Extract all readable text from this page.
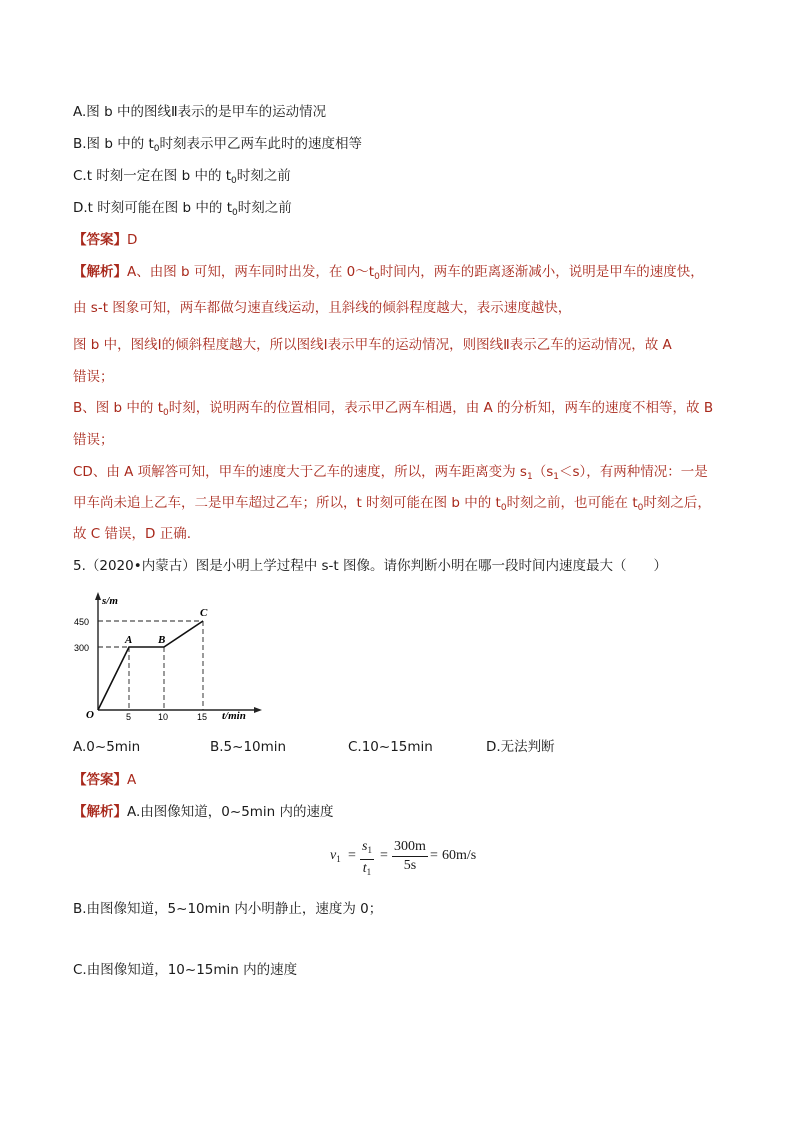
A.图 b 中的图线Ⅱ表示的是甲车的运动情况
B.图 b 中的 $t_0$时刻表示甲乙两车此时的速度相等
C.t 时刻一定在图 b 中的 $t_0$时刻之前
D.t 时刻可能在图 b 中的 $t_0$时刻之前
【答案】D
【解析】A、由图 b 可知，两车同时出发，在 $0\sim t_0$时间内，两车的距离逐渐减小，说明是甲车的速度快，
由 s-t 图象可知，两车都做匀速直线运动，且斜线的倾斜程度越大，表示速度越快，
图 b 中，图线Ⅰ的倾斜程度越大，所以图线Ⅰ表示甲车的运动情况，则图线Ⅱ表示乙车的运动情况，故 A
错误；
B、图 b 中的 $t_0$时刻，说明两车的位置相同，表示甲乙两车相遇，由 A 的分析知，两车的速度不相等，故 B
错误；
CD、由 A 项解答可知，甲车的速度大于乙车的速度，所以，两车距离变为 $s_1(s_1<s)$，有两种情况：一是
甲车尚未追上乙车，二是甲车超过乙车；所以，t 时刻可能在图 b 中的 $t_0$时刻之前，也可能在 $t_0$时刻之后，
故 C 错误，D 正确.
5.（2020•内蒙古）图是小明上学过程中 s-t 图像。请你判断小明在哪一段时间内速度最大（　　）
s/m
t/min
O
450
300
5	10	15
A B
C
A.0~5min	B.5~10min	C.10~15min	D.无法判断
【答案】A
【解析】A.由图像知道，0~5min 内的速度
$v_1 = \frac{s_1}{t_1} = \frac{300m}{5s} = 60m/s$
B.由图像知道，5~10min 内小明静止，速度为 0；
C.由图像知道，10~15min 内的速度
